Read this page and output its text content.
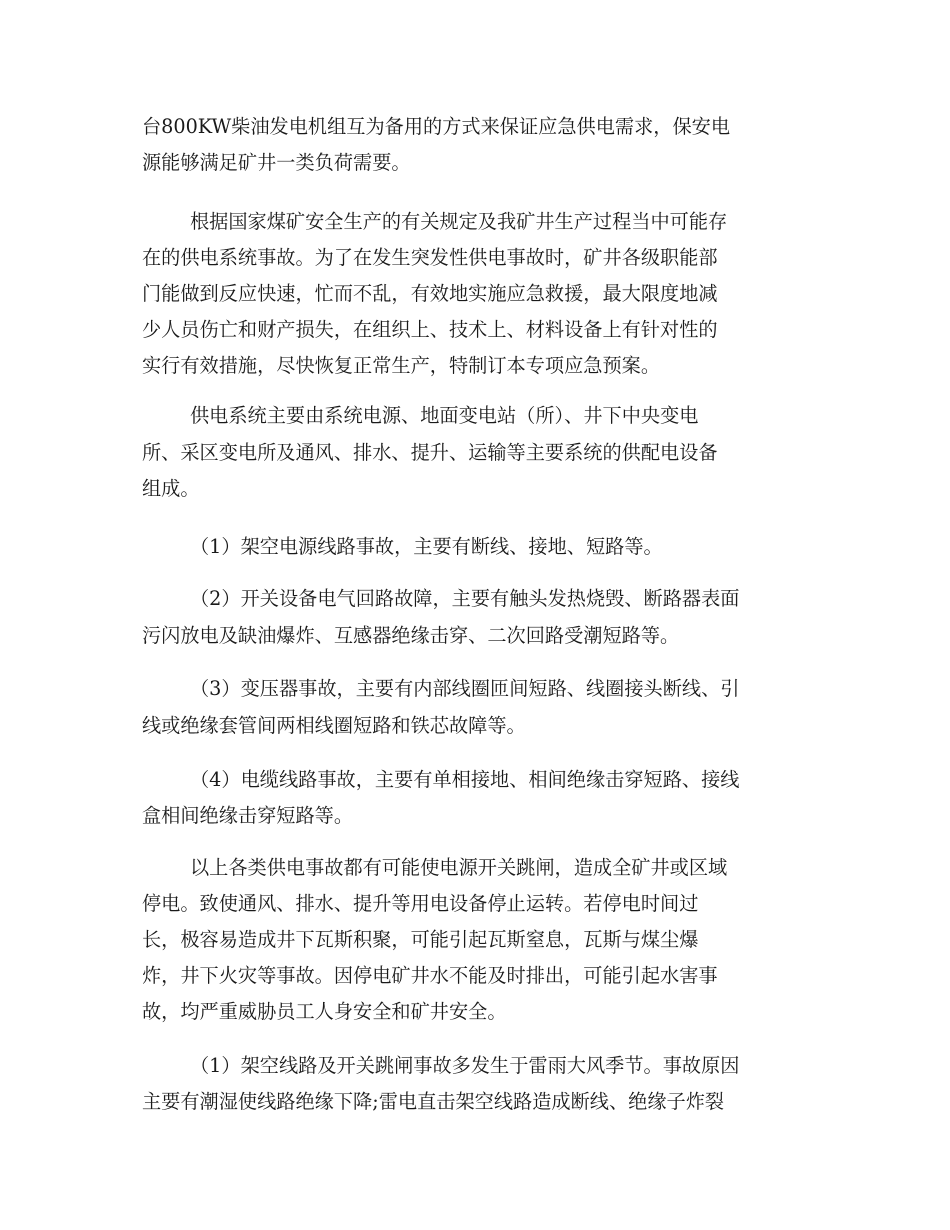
台800KW柴油发电机组互为备用的方式来保证应急供电需求，保安电
源能够满足矿井一类负荷需要。
根据国家煤矿安全生产的有关规定及我矿井生产过程当中可能存
在的供电系统事故。为了在发生突发性供电事故时，矿井各级职能部
门能做到反应快速，忙而不乱，有效地实施应急救援，最大限度地减
少人员伤亡和财产损失，在组织上、技术上、材料设备上有针对性的
实行有效措施，尽快恢复正常生产，特制订本专项应急预案。
供电系统主要由系统电源、地面变电站（所）、井下中央变电
所、采区变电所及通风、排水、提升、运输等主要系统的供配电设备
组成。
（1）架空电源线路事故，主要有断线、接地、短路等。
（2）开关设备电气回路故障，主要有触头发热烧毁、断路器表面
污闪放电及缺油爆炸、互感器绝缘击穿、二次回路受潮短路等。
（3）变压器事故，主要有内部线圈匝间短路、线圈接头断线、引
线或绝缘套管间两相线圈短路和铁芯故障等。
（4）电缆线路事故，主要有单相接地、相间绝缘击穿短路、接线
盒相间绝缘击穿短路等。
以上各类供电事故都有可能使电源开关跳闸，造成全矿井或区域
停电。致使通风、排水、提升等用电设备停止运转。若停电时间过
长，极容易造成井下瓦斯积聚，可能引起瓦斯窒息，瓦斯与煤尘爆
炸，井下火灾等事故。因停电矿井水不能及时排出，可能引起水害事
故，均严重威胁员工人身安全和矿井安全。
（1）架空线路及开关跳闸事故多发生于雷雨大风季节。事故原因
主要有潮湿使线路绝缘下降;雷电直击架空线路造成断线、绝缘子炸裂
